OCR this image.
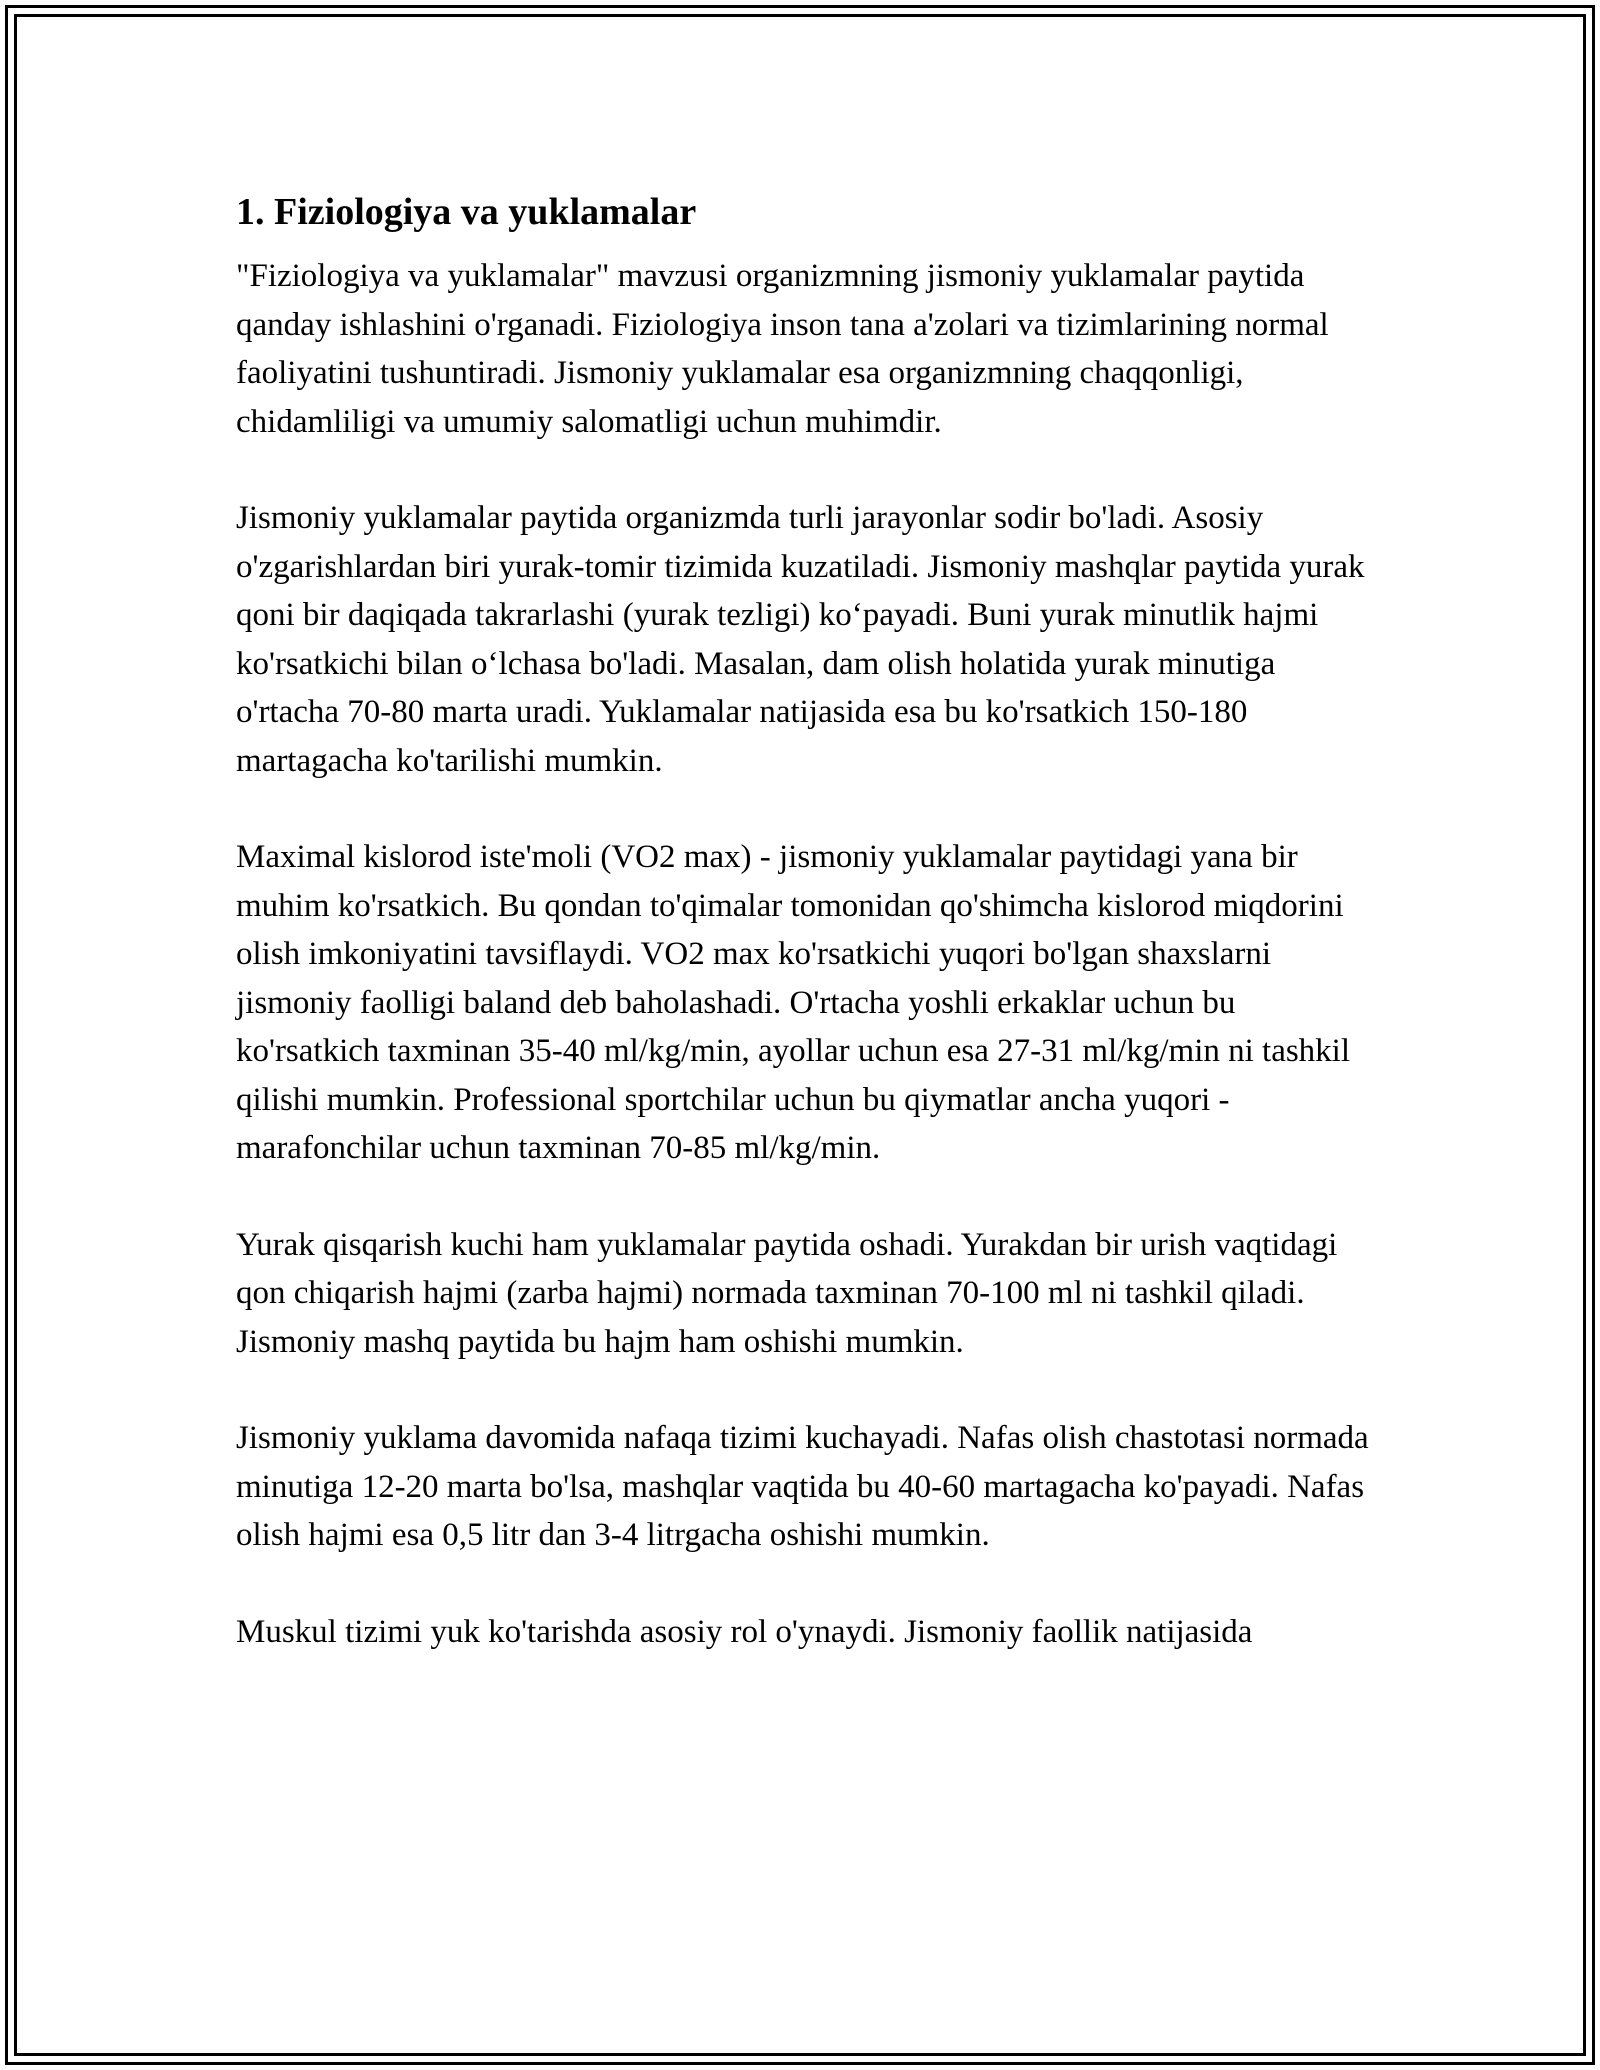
1. Fiziologiya va yuklamalar

"Fiziologiya va yuklamalar" mavzusi organizmning jismoniy yuklamalar paytida qanday ishlashini o'rganadi. Fiziologiya inson tana a'zolari va tizimlarining normal faoliyatini tushuntiradi. Jismoniy yuklamalar esa organizmning chaqqonligi, chidamliligi va umumiy salomatligi uchun muhimdir.

Jismoniy yuklamalar paytida organizmda turli jarayonlar sodir bo'ladi. Asosiy o'zgarishlardan biri yurak-tomir tizimida kuzatiladi. Jismoniy mashqlar paytida yurak qoni bir daqiqada takrarlashi (yurak tezligi) ko‘payadi. Buni yurak minutlik hajmi ko'rsatkichi bilan o‘lchasa bo'ladi. Masalan, dam olish holatida yurak minutiga o'rtacha 70-80 marta uradi. Yuklamalar natijasida esa bu ko'rsatkich 150-180 martagacha ko'tarilishi mumkin.

Maximal kislorod iste'moli (VO2 max) - jismoniy yuklamalar paytidagi yana bir muhim ko'rsatkich. Bu qondan to'qimalar tomonidan qo'shimcha kislorod miqdorini olish imkoniyatini tavsiflaydi. VO2 max ko'rsatkichi yuqori bo'lgan shaxslarni jismoniy faolligi baland deb baholashadi. O'rtacha yoshli erkaklar uchun bu ko'rsatkich taxminan 35-40 ml/kg/min, ayollar uchun esa 27-31 ml/kg/min ni tashkil qilishi mumkin. Professional sportchilar uchun bu qiymatlar ancha yuqori - marafonchilar uchun taxminan 70-85 ml/kg/min.

Yurak qisqarish kuchi ham yuklamalar paytida oshadi. Yurakdan bir urish vaqtidagi qon chiqarish hajmi (zarba hajmi) normada taxminan 70-100 ml ni tashkil qiladi. Jismoniy mashq paytida bu hajm ham oshishi mumkin.

Jismoniy yuklama davomida nafaqa tizimi kuchayadi. Nafas olish chastotasi normada minutiga 12-20 marta bo'lsa, mashqlar vaqtida bu 40-60 martagacha ko'payadi. Nafas olish hajmi esa 0,5 litr dan 3-4 litrgacha oshishi mumkin.

Muskul tizimi yuk ko'tarishda asosiy rol o'ynaydi. Jismoniy faollik natijasida
